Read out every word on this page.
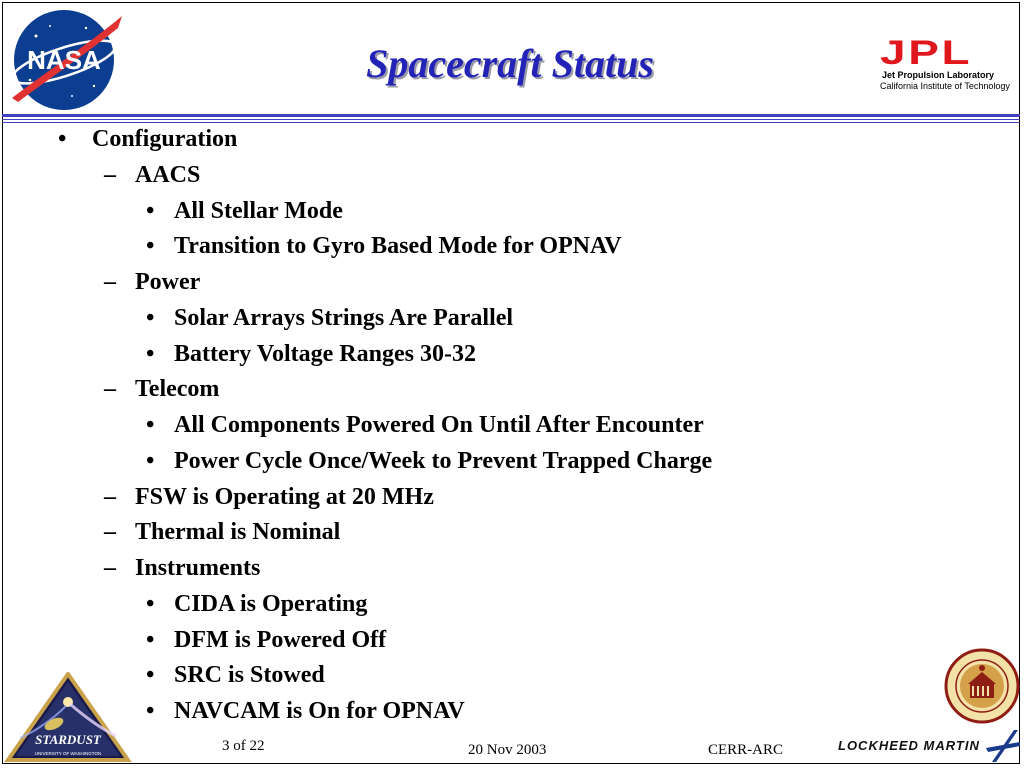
NASA	Spacecraft Status	JPL
Jet Propulsion Laboratory
California Institute of Technology
• Configuration
– AACS
• All Stellar Mode
• Transition to Gyro Based Mode for OPNAV
– Power
• Solar Arrays Strings Are Parallel
• Battery Voltage Ranges 30-32
– Telecom
• All Components Powered On Until After Encounter
• Power Cycle Once/Week to Prevent Trapped Charge
– FSW is Operating at 20 MHz
– Thermal is Nominal
– Instruments
• CIDA is Operating
• DFM is Powered Off
• SRC is Stowed
• NAVCAM is On for OPNAV
STARDUST
UNIVERSITY OF WASHINGTON
LOCKHEED MARTIN
3 of 22	20 Nov 2003	CERR-ARC
